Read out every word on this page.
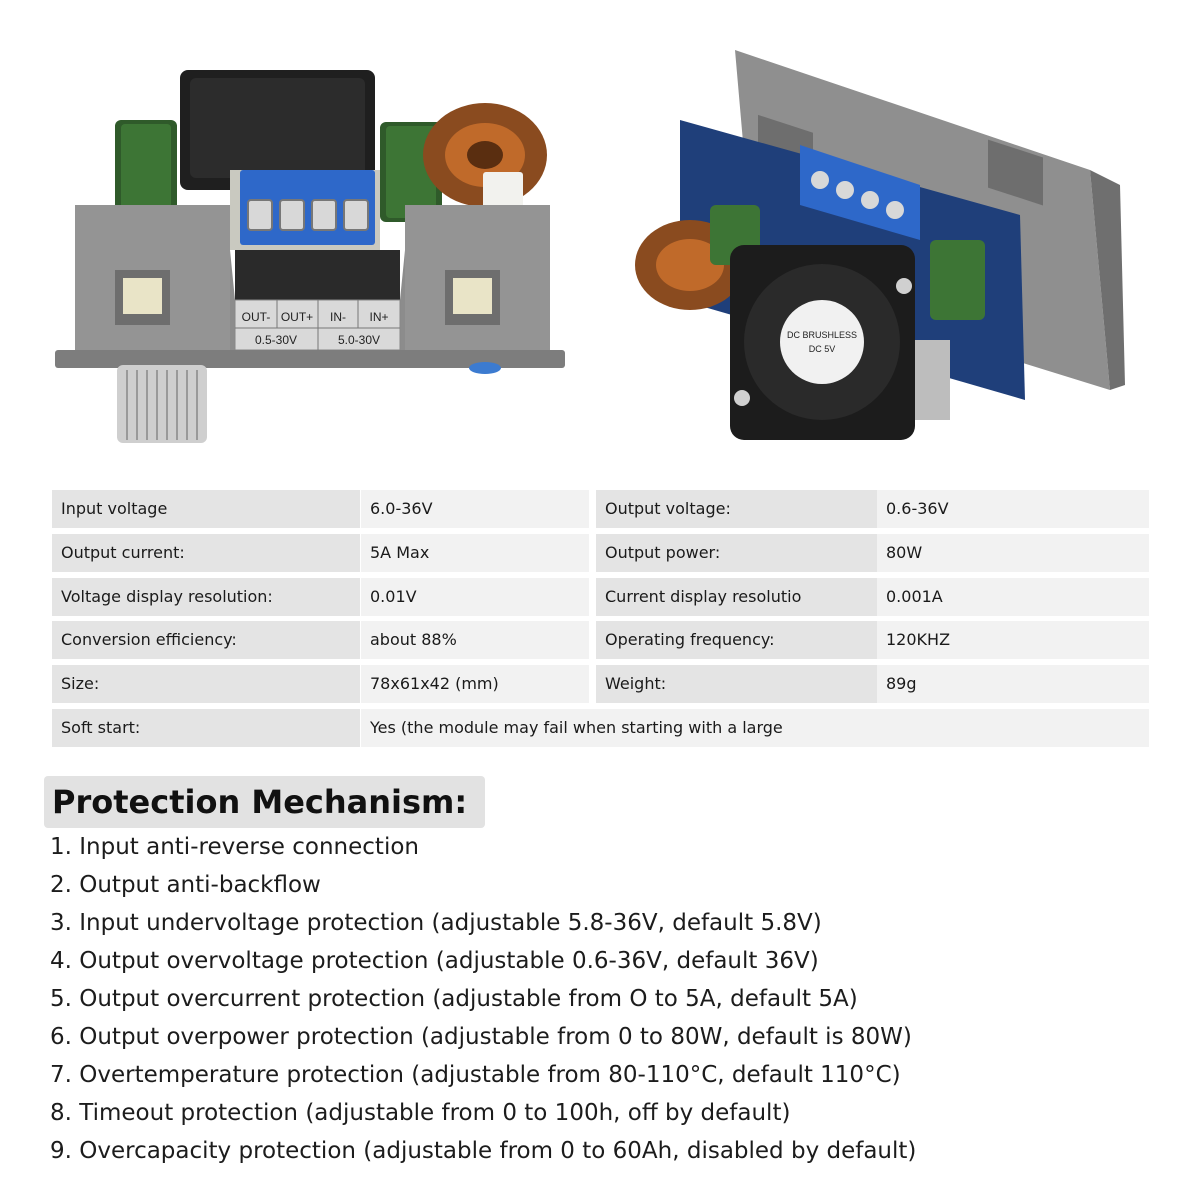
OUT- OUT+ IN- IN+
0.5-30V	5.0-30V	DC BRUSHLESS
DC 5V
Input voltage	6.0-36V	Output voltage:	0.6-36V
Output current:	5A Max	Output power:	80W
Voltage display resolution:	0.01V	Current display resolutio	0.001A
Conversion efficiency:	about 88%	Operating frequency:	120KHZ
Size:	78x61x42 (mm)	Weight:	89g
Soft start:	Yes (the module may fail when starting with a large
Protection Mechanism:
1. Input anti-reverse connection
2. Output anti-backflow
3. Input undervoltage protection (adjustable 5.8-36V, default 5.8V)
4. Output overvoltage protection (adjustable 0.6-36V, default 36V)
5. Output overcurrent protection (adjustable from O to 5A, default 5A)
6. Output overpower protection (adjustable from 0 to 80W, default is 80W)
7. Overtemperature protection (adjustable from 80-110°C, default 110°C)
8. Timeout protection (adjustable from 0 to 100h, off by default)
9. Overcapacity protection (adjustable from 0 to 60Ah, disabled by default)
